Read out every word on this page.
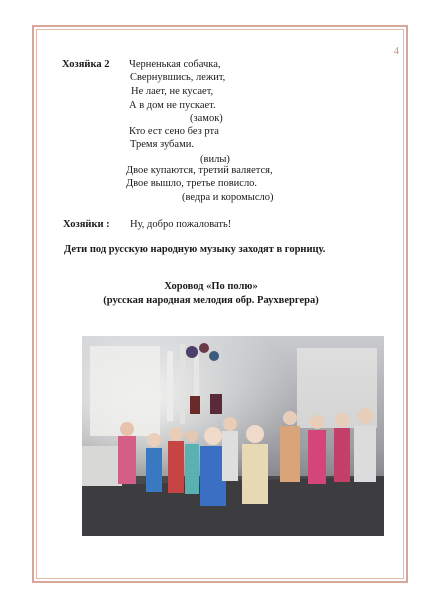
4
Хозяйка 2 Черненькая собачка,
Свернувшись, лежит,
Не лает, не кусает,
А в дом не пускает.
(замок)
Кто ест сено без рта
Тремя зубами.
(вилы)
Двое купаются, третий валяется,
Двое вышло, третье повисло.
(ведра и коромысло)
Хозяйки : Ну, добро пожаловать!
Дети под русскую народную музыку заходят в горницу.
Хоровод «По полю»
(русская народная мелодия обр. Раухвергера)
